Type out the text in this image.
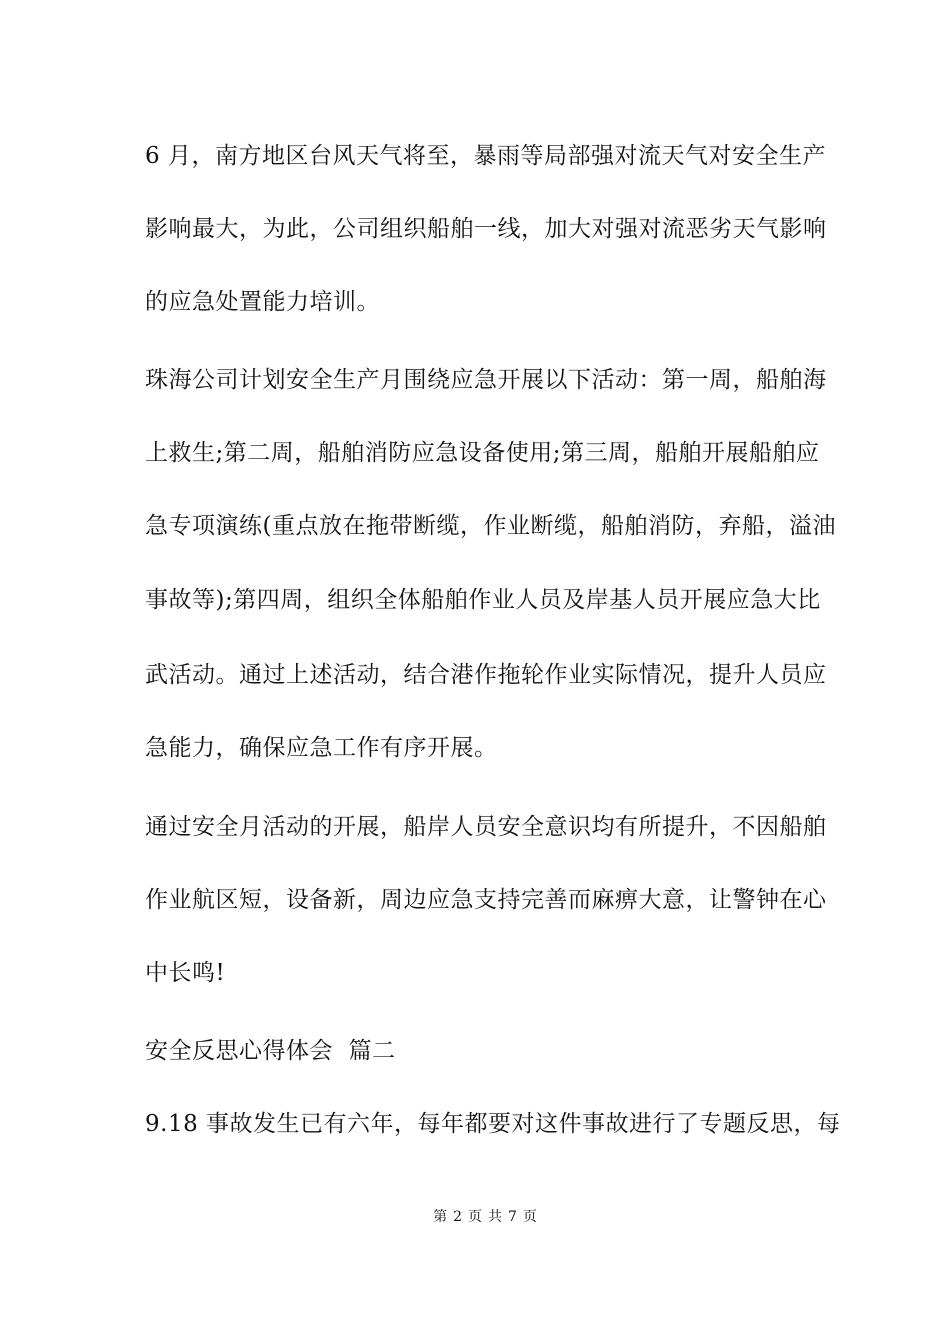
6 月，南方地区台风天气将至，暴雨等局部强对流天气对安全生产
影响最大，为此，公司组织船舶一线，加大对强对流恶劣天气影响
的应急处置能力培训。
珠海公司计划安全生产月围绕应急开展以下活动：第一周，船舶海
上救生;第二周，船舶消防应急设备使用;第三周，船舶开展船舶应
急专项演练(重点放在拖带断缆，作业断缆，船舶消防，弃船，溢油
事故等);第四周，组织全体船舶作业人员及岸基人员开展应急大比
武活动。通过上述活动，结合港作拖轮作业实际情况，提升人员应
急能力，确保应急工作有序开展。
通过安全月活动的开展，船岸人员安全意识均有所提升，不因船舶
作业航区短，设备新，周边应急支持完善而麻痹大意，让警钟在心
中长鸣!
安全反思心得体会  篇二
9.18 事故发生已有六年，每年都要对这件事故进行了专题反思，每
第 2 页 共 7 页
